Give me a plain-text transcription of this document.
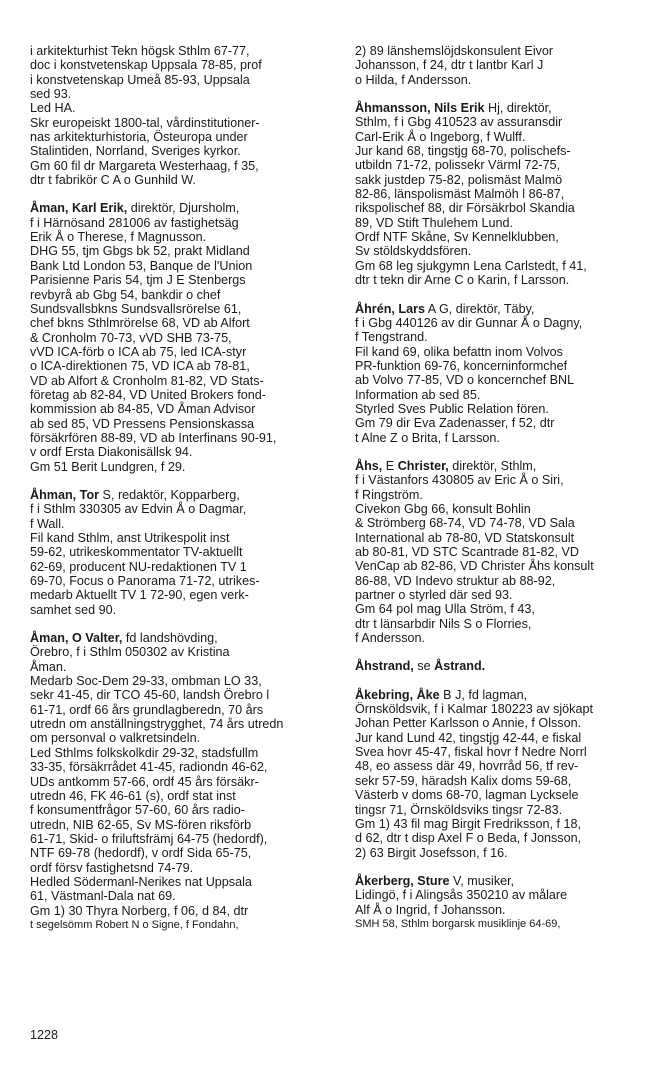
i arkitekturhist Tekn högsk Sthlm 67-77,
doc i konstvetenskap Uppsala 78-85, prof
i konstvetenskap Umeå 85-93, Uppsala
sed 93.
Led HA.
Skr europeiskt 1800-tal, vårdinstitutioner-
nas arkitekturhistoria, Östeuropa under
Stalintiden, Norrland, Sveriges kyrkor.
Gm 60 fil dr Margareta Westerhaag, f 35,
dtr t fabrikör C A o Gunhild W.
Åman, Karl Erik, direktör, Djursholm,
f i Härnösand 281006 av fastighetsäg
Erik Å o Therese, f Magnusson.
DHG 55, tjm Gbgs bk 52, prakt Midland
Bank Ltd London 53, Banque de l'Union
Parisienne Paris 54, tjm J E Stenbergs
revbyrå ab Gbg 54, bankdir o chef
Sundsvallsbkns Sundsvallsrörelse 61,
chef bkns Sthlmrörelse 68, VD ab Alfort
& Cronholm 70-73, vVD SHB 73-75,
vVD ICA-förb o ICA ab 75, led ICA-styr
o ICA-direktionen 75, VD ICA ab 78-81,
VD ab Alfort & Cronholm 81-82, VD Stats-
företag ab 82-84, VD United Brokers fond-
kommission ab 84-85, VD Åman Advisor
ab sed 85, VD Pressens Pensionskassa
försäkrfören 88-89, VD ab Interfinans 90-91,
v ordf Ersta Diakonisällsk 94.
Gm 51 Berit Lundgren, f 29.
Åhman, Tor S, redaktör, Kopparberg,
f i Sthlm 330305 av Edvin Å o Dagmar,
f Wall.
Fil kand Sthlm, anst Utrikespolit inst
59-62, utrikeskommentator TV-aktuellt
62-69, producent NU-redaktionen TV 1
69-70, Focus o Panorama 71-72, utrikes-
medarb Aktuellt TV 1 72-90, egen verk-
samhet sed 90.
Åman, O Valter, fd landshövding,
Örebro, f i Sthlm 050302 av Kristina
Åman.
Medarb Soc-Dem 29-33, ombman LO 33,
sekr 41-45, dir TCO 45-60, landsh Örebro l
61-71, ordf 66 års grundlagberedn, 70 års
utredn om anställningstrygghet, 74 års utredn
om personval o valkretsindeln.
Led Sthlms folkskolkdir 29-32, stadsfullm
33-35, försäkrrådet 41-45, radiondn 46-62,
UDs antkomm 57-66, ordf 45 års försäkr-
utredn 46, FK 46-61 (s), ordf stat inst
f konsumentfrågor 57-60, 60 års radio-
utredn, NIB 62-65, Sv MS-fören riksförb
61-71, Skid- o friluftsfrämj 64-75 (hedordf),
NTF 69-78 (hedordf), v ordf Sida 65-75,
ordf försv fastighetsnd 74-79.
Hedled Södermanl-Nerikes nat Uppsala
61, Västmanl-Dala nat 69.
Gm 1) 30 Thyra Norberg, f 06, d 84, dtr
t segelsömm Robert N o Signe, f Fondahn,
2) 89 länshemslöjdskonsulent Eivor
Johansson, f 24, dtr t lantbr Karl J
o Hilda, f Andersson.
Åhmansson, Nils Erik Hj, direktör,
Sthlm, f i Gbg 410523 av assuransdir
Carl-Erik Å o Ingeborg, f Wulff.
Jur kand 68, tingstjg 68-70, polischefs-
utbildn 71-72, polissekr Värml 72-75,
sakk justdep 75-82, polismäst Malmö
82-86, länspolismäst Malmöh l 86-87,
rikspolischef 88, dir Försäkrbol Skandia
89, VD Stift Thulehem Lund.
Ordf NTF Skåne, Sv Kennelklubben,
Sv stöldskyddsfören.
Gm 68 leg sjukgymn Lena Carlstedt, f 41,
dtr t tekn dir Arne C o Karin, f Larsson.
Åhrén, Lars A G, direktör, Täby,
f i Gbg 440126 av dir Gunnar Å o Dagny,
f Tengstrand.
Fil kand 69, olika befattn inom Volvos
PR-funktion 69-76, koncerninformchef
ab Volvo 77-85, VD o koncernchef BNL
Information ab sed 85.
Styrled Sves Public Relation fören.
Gm 79 dir Eva Zadenasser, f 52, dtr
t Alne Z o Brita, f Larsson.
Åhs, E Christer, direktör, Sthlm,
f i Västanfors 430805 av Eric Å o Siri,
f Ringström.
Civekon Gbg 66, konsult Bohlin
& Strömberg 68-74, VD 74-78, VD Sala
International ab 78-80, VD Statskonsult
ab 80-81, VD STC Scantrade 81-82, VD
VenCap ab 82-86, VD Christer Åhs konsult
86-88, VD Indevo struktur ab 88-92,
partner o styrled där sed 93.
Gm 64 pol mag Ulla Ström, f 43,
dtr t länsarbdir Nils S o Florries,
f Andersson.
Åhstrand, se Åstrand.
Åkebring, Åke B J, fd lagman,
Örnsköldsvik, f i Kalmar 180223 av sjökapt
Johan Petter Karlsson o Annie, f Olsson.
Jur kand Lund 42, tingstjg 42-44, e fiskal
Svea hovr 45-47, fiskal hovr f Nedre Norrl
48, eo assess där 49, hovrråd 56, tf rev-
sekr 57-59, häradsh Kalix doms 59-68,
Västerb v doms 68-70, lagman Lycksele
tingsr 71, Örnsköldsviks tingsr 72-83.
Gm 1) 43 fil mag Birgit Fredriksson, f 18,
d 62, dtr t disp Axel F o Beda, f Jonsson,
2) 63 Birgit Josefsson, f 16.
Åkerberg, Sture V, musiker,
Lidingö, f i Alingsås 350210 av målare
Alf Å o Ingrid, f Johansson.
SMH 58, Sthlm borgarsk musiklinje 64-69,
1228
